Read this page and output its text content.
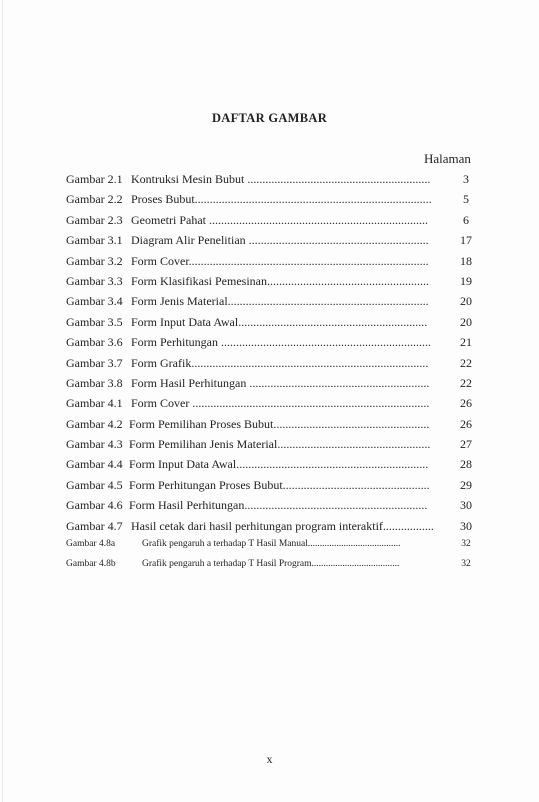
DAFTAR GAMBAR
Halaman
Gambar 2.1 Kontruksi Mesin Bubut .............................................................	3
Gambar 2.2 Proses Bubut...............................................................................	5
Gambar 2.3 Geometri Pahat .........................................................................	6
Gambar 3.1 Diagram Alir Penelitian ............................................................	17
Gambar 3.2 Form Cover................................................................................	18
Gambar 3.3 Form Klasifikasi Pemesinan......................................................	19
Gambar 3.4 Form Jenis Material...................................................................	20
Gambar 3.5 Form Input Data Awal...............................................................	20
Gambar 3.6 Form Perhitungan ......................................................................	21
Gambar 3.7 Form Grafik...............................................................................	22
Gambar 3.8 Form Hasil Perhitungan ............................................................	22
Gambar 4.1 Form Cover ...............................................................................	26
Gambar 4.2 Form Pemilihan Proses Bubut....................................................	26
Gambar 4.3 Form Pemilihan Jenis Material...................................................	27
Gambar 4.4 Form Input Data Awal................................................................	28
Gambar 4.5 Form Perhitungan Proses Bubut.................................................	29
Gambar 4.6 Form Hasil Perhitungan.............................................................	30
Gambar 4.7 Hasil cetak dari hasil perhitungan program interaktif.................	30
Gambar 4.8a	Grafik pengaruh a terhadap T Hasil Manual.......................................	32
Gambar 4.8b	Grafik pengaruh a terhadap T Hasil Program.....................................	32
x
